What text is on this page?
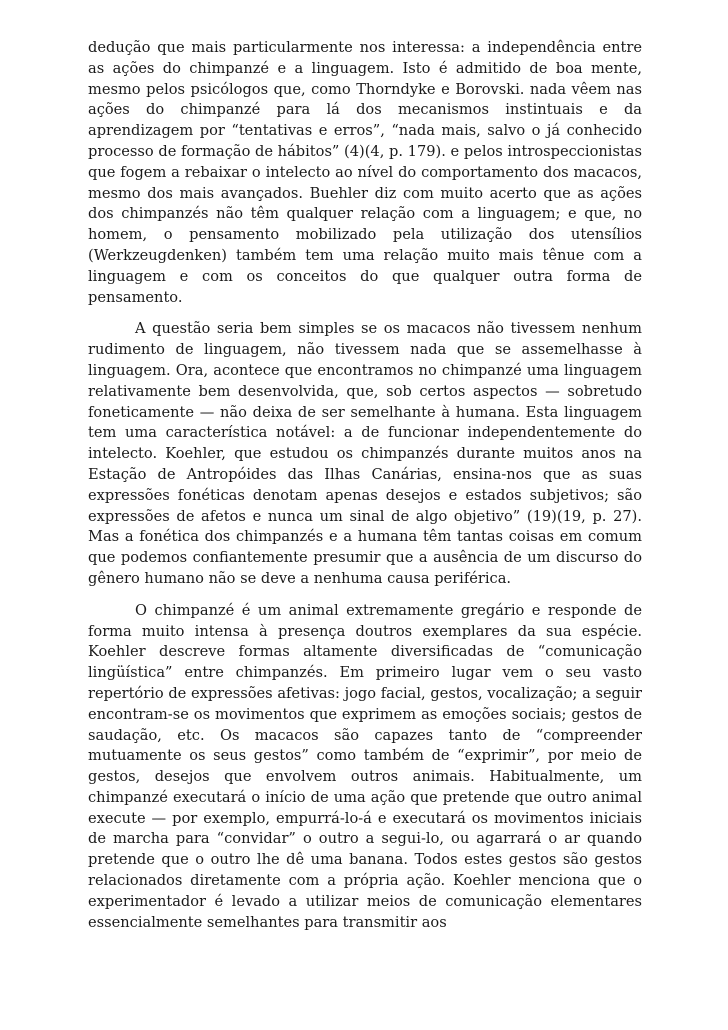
dedução que mais particularmente nos interessa: a independência entre as ações do chimpanzé e a linguagem. Isto é admitido de boa mente, mesmo pelos psicólogos que, como Thorndyke e Borovski. nada vêem nas ações do chimpanzé para lá dos mecanismos instintuais e da aprendizagem por “tentativas e erros”, “nada mais, salvo o já conhecido processo de formação de hábitos” (4)(4, p. 179). e pelos introspeccionistas que fogem a rebaixar o intelecto ao nível do comportamento dos macacos, mesmo dos mais avançados. Buehler diz com muito acerto que as ações dos chimpanzés não têm qualquer relação com a linguagem; e que, no homem, o pensamento mobilizado pela utilização dos utensílios (Werkzeugdenken) também tem uma relação muito mais tênue com a linguagem e com os conceitos do que qualquer outra forma de pensamento.

A questão seria bem simples se os macacos não tivessem nenhum rudimento de linguagem, não tivessem nada que se assemelhasse à linguagem. Ora, acontece que encontramos no chimpanzé uma linguagem relativamente bem desenvolvida, que, sob certos aspectos — sobretudo foneticamente — não deixa de ser semelhante à humana. Esta linguagem tem uma característica notável: a de funcionar independentemente do intelecto. Koehler, que estudou os chimpanzés durante muitos anos na Estação de Antropóides das Ilhas Canárias, ensina-nos que as suas expressões fonéticas denotam apenas desejos e estados subjetivos; são expressões de afetos e nunca um sinal de algo objetivo” (19)(19, p. 27). Mas a fonética dos chimpanzés e a humana têm tantas coisas em comum que podemos confiantemente presumir que a ausência de um discurso do gênero humano não se deve a nenhuma causa periférica.

O chimpanzé é um animal extremamente gregário e responde de forma muito intensa à presença doutros exemplares da sua espécie. Koehler descreve formas altamente diversificadas de “comunicação lingüística” entre chimpanzés. Em primeiro lugar vem o seu vasto repertório de expressões afetivas: jogo facial, gestos, vocalização; a seguir encontram-se os movimentos que exprimem as emoções sociais; gestos de saudação, etc. Os macacos são capazes tanto de “compreender mutuamente os seus gestos” como também de “exprimir”, por meio de gestos, desejos que envolvem outros animais. Habitualmente, um chimpanzé executará o início de uma ação que pretende que outro animal execute — por exemplo, empurrá-lo-á e executará os movimentos iniciais de marcha para “convidar” o outro a segui-lo, ou agarrará o ar quando pretende que o outro lhe dê uma banana. Todos estes gestos são gestos relacionados diretamente com a própria ação. Koehler menciona que o experimentador é levado a utilizar meios de comunicação elementares essencialmente semelhantes para transmitir aos
